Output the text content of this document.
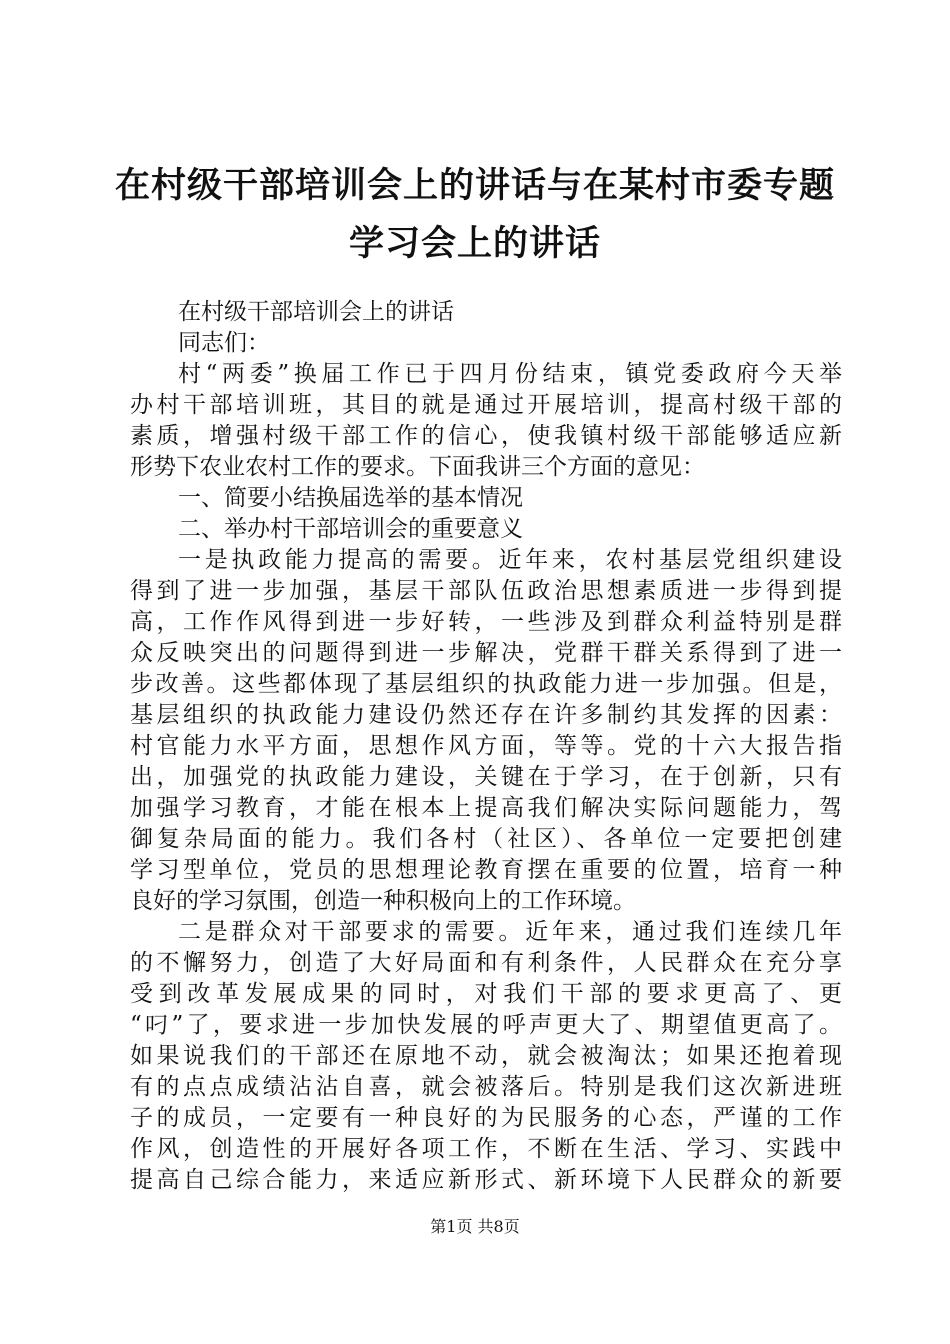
在村级干部培训会上的讲话与在某村市委专题
学习会上的讲话
在村级干部培训会上的讲话
同志们：
村“两委”换届工作已于四月份结束，镇党委政府今天举
办村干部培训班，其目的就是通过开展培训，提高村级干部的
素质，增强村级干部工作的信心，使我镇村级干部能够适应新
形势下农业农村工作的要求。下面我讲三个方面的意见：
一、简要小结换届选举的基本情况
二、举办村干部培训会的重要意义
一是执政能力提高的需要。近年来，农村基层党组织建设
得到了进一步加强，基层干部队伍政治思想素质进一步得到提
高，工作作风得到进一步好转，一些涉及到群众利益特别是群
众反映突出的问题得到进一步解决，党群干群关系得到了进一
步改善。这些都体现了基层组织的执政能力进一步加强。但是，
基层组织的执政能力建设仍然还存在许多制约其发挥的因素：
村官能力水平方面，思想作风方面，等等。党的十六大报告指
出，加强党的执政能力建设，关键在于学习，在于创新，只有
加强学习教育，才能在根本上提高我们解决实际问题能力，驾
御复杂局面的能力。我们各村（社区）、各单位一定要把创建
学习型单位，党员的思想理论教育摆在重要的位置，培育一种
良好的学习氛围，创造一种积极向上的工作环境。
二是群众对干部要求的需要。近年来，通过我们连续几年
的不懈努力，创造了大好局面和有利条件，人民群众在充分享
受到改革发展成果的同时，对我们干部的要求更高了、更
“叼”了，要求进一步加快发展的呼声更大了、期望值更高了。
如果说我们的干部还在原地不动，就会被淘汰；如果还抱着现
有的点点成绩沾沾自喜，就会被落后。特别是我们这次新进班
子的成员，一定要有一种良好的为民服务的心态，严谨的工作
作风，创造性的开展好各项工作，不断在生活、学习、实践中
提高自己综合能力，来适应新形式、新环境下人民群众的新要
第1页 共8页
